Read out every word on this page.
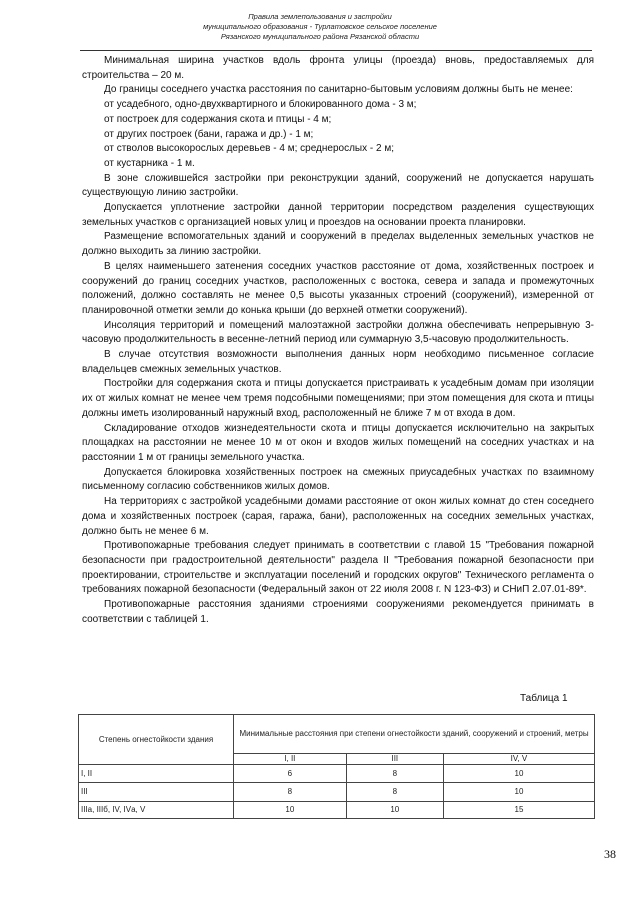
Правила землепользования и застройки
муниципального образования - Турлатовское сельское поселение
Рязанского муниципального района Рязанской области

Минимальная ширина участков вдоль фронта улицы (проезда) вновь, предоставляемых для строительства – 20 м.

До границы соседнего участка расстояния по санитарно-бытовым условиям должны быть не менее:

от усадебного, одно-двухквартирного и блокированного дома - 3 м;

от построек для содержания скота и птицы - 4 м;

от других построек (бани, гаража и др.) - 1 м;

от стволов высокорослых деревьев - 4 м; среднерослых - 2 м;

от кустарника - 1 м.

В зоне сложившейся застройки при реконструкции зданий, сооружений не допускается нарушать существующую линию застройки.

Допускается уплотнение застройки данной территории посредством разделения существующих земельных участков с организацией новых улиц и проездов на основании проекта планировки.

Размещение вспомогательных зданий и сооружений в пределах выделенных земельных участков не должно выходить за линию застройки.

В целях наименьшего затенения соседних участков расстояние от дома, хозяйственных построек и сооружений до границ соседних участков, расположенных с востока, севера и запада и промежуточных положений, должно составлять не менее 0,5 высоты указанных строений (сооружений), измеренной от планировочной отметки земли до конька крыши (до верхней отметки сооружений).

Инсоляция территорий и помещений малоэтажной застройки должна обеспечивать непрерывную 3-часовую продолжительность в весенне-летний период или суммарную 3,5-часовую продолжительность.

В случае отсутствия возможности выполнения данных норм необходимо письменное согласие владельцев смежных земельных участков.

Постройки для содержания скота и птицы допускается пристраивать к усадебным домам при изоляции их от жилых комнат не менее чем тремя подсобными помещениями; при этом помещения для скота и птицы должны иметь изолированный наружный вход, расположенный не ближе 7 м от входа в дом.

Складирование отходов жизнедеятельности скота и птицы допускается исключительно на закрытых площадках на расстоянии не менее 10 м от окон и входов жилых помещений на соседних участках и на расстоянии 1 м от границы земельного участка.

Допускается блокировка хозяйственных построек на смежных приусадебных участках по взаимному письменному согласию собственников жилых домов.

На территориях с застройкой усадебными домами расстояние от окон жилых комнат до стен соседнего дома и хозяйственных построек (сарая, гаража, бани), расположенных на соседних земельных участках, должно быть не менее 6 м.

Противопожарные требования следует принимать в соответствии с главой 15 "Требования пожарной безопасности при градостроительной деятельности" раздела II "Требования пожарной безопасности при проектировании, строительстве и эксплуатации поселений и городских округов" Технического регламента о требованиях пожарной безопасности (Федеральный закон от 22 июля 2008 г. N 123-ФЗ) и СНиП 2.07.01-89*.

Противопожарные расстояния зданиями строениями сооружениями рекомендуется принимать в соответствии с таблицей 1.

Таблица 1
Степень огнестойкости здания	Минимальные расстояния при степени огнестойкости зданий, сооружений и строений, метры		
	I, II	III	IV, V
I, II	6	8	10
III	8	8	10
IIIа, IIIб, IV, IVа, V	10	10	15
38
